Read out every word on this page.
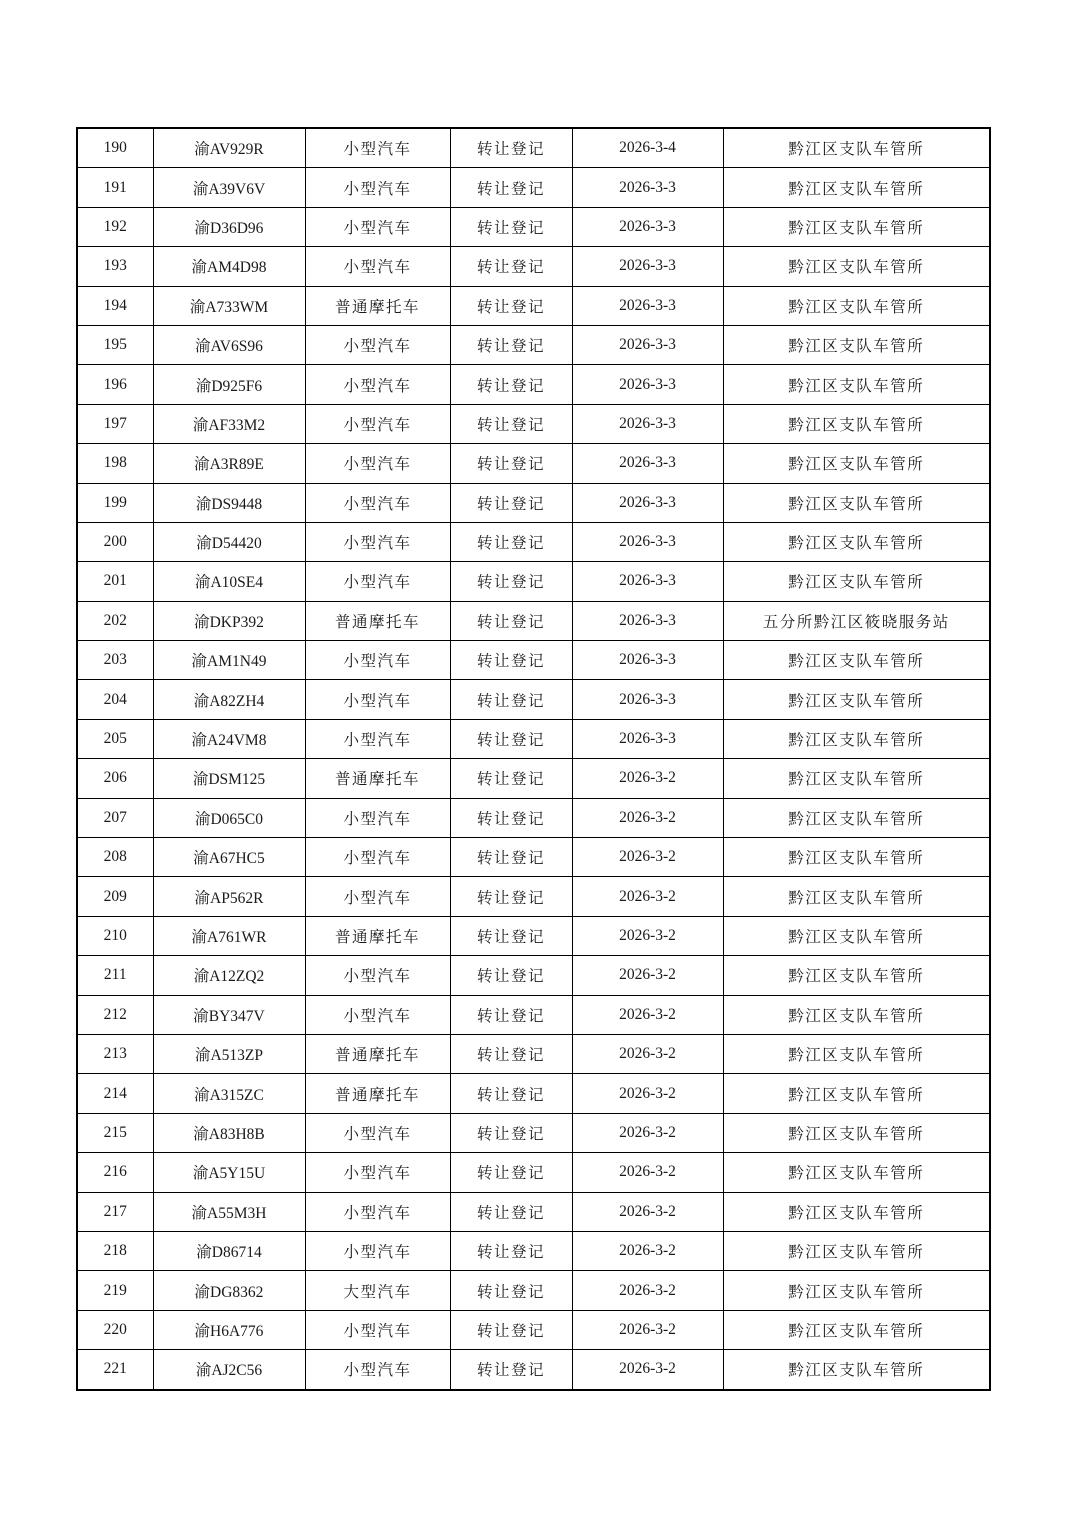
190	渝AV929R	小型汽车	转让登记	2026-3-4	黔江区支队车管所
191	渝A39V6V	小型汽车	转让登记	2026-3-3	黔江区支队车管所
192	渝D36D96	小型汽车	转让登记	2026-3-3	黔江区支队车管所
193	渝AM4D98	小型汽车	转让登记	2026-3-3	黔江区支队车管所
194	渝A733WM	普通摩托车	转让登记	2026-3-3	黔江区支队车管所
195	渝AV6S96	小型汽车	转让登记	2026-3-3	黔江区支队车管所
196	渝D925F6	小型汽车	转让登记	2026-3-3	黔江区支队车管所
197	渝AF33M2	小型汽车	转让登记	2026-3-3	黔江区支队车管所
198	渝A3R89E	小型汽车	转让登记	2026-3-3	黔江区支队车管所
199	渝DS9448	小型汽车	转让登记	2026-3-3	黔江区支队车管所
200	渝D54420	小型汽车	转让登记	2026-3-3	黔江区支队车管所
201	渝A10SE4	小型汽车	转让登记	2026-3-3	黔江区支队车管所
202	渝DKP392	普通摩托车	转让登记	2026-3-3	五分所黔江区筱晓服务站
203	渝AM1N49	小型汽车	转让登记	2026-3-3	黔江区支队车管所
204	渝A82ZH4	小型汽车	转让登记	2026-3-3	黔江区支队车管所
205	渝A24VM8	小型汽车	转让登记	2026-3-3	黔江区支队车管所
206	渝DSM125	普通摩托车	转让登记	2026-3-2	黔江区支队车管所
207	渝D065C0	小型汽车	转让登记	2026-3-2	黔江区支队车管所
208	渝A67HC5	小型汽车	转让登记	2026-3-2	黔江区支队车管所
209	渝AP562R	小型汽车	转让登记	2026-3-2	黔江区支队车管所
210	渝A761WR	普通摩托车	转让登记	2026-3-2	黔江区支队车管所
211	渝A12ZQ2	小型汽车	转让登记	2026-3-2	黔江区支队车管所
212	渝BY347V	小型汽车	转让登记	2026-3-2	黔江区支队车管所
213	渝A513ZP	普通摩托车	转让登记	2026-3-2	黔江区支队车管所
214	渝A315ZC	普通摩托车	转让登记	2026-3-2	黔江区支队车管所
215	渝A83H8B	小型汽车	转让登记	2026-3-2	黔江区支队车管所
216	渝A5Y15U	小型汽车	转让登记	2026-3-2	黔江区支队车管所
217	渝A55M3H	小型汽车	转让登记	2026-3-2	黔江区支队车管所
218	渝D86714	小型汽车	转让登记	2026-3-2	黔江区支队车管所
219	渝DG8362	大型汽车	转让登记	2026-3-2	黔江区支队车管所
220	渝H6A776	小型汽车	转让登记	2026-3-2	黔江区支队车管所
221	渝AJ2C56	小型汽车	转让登记	2026-3-2	黔江区支队车管所
